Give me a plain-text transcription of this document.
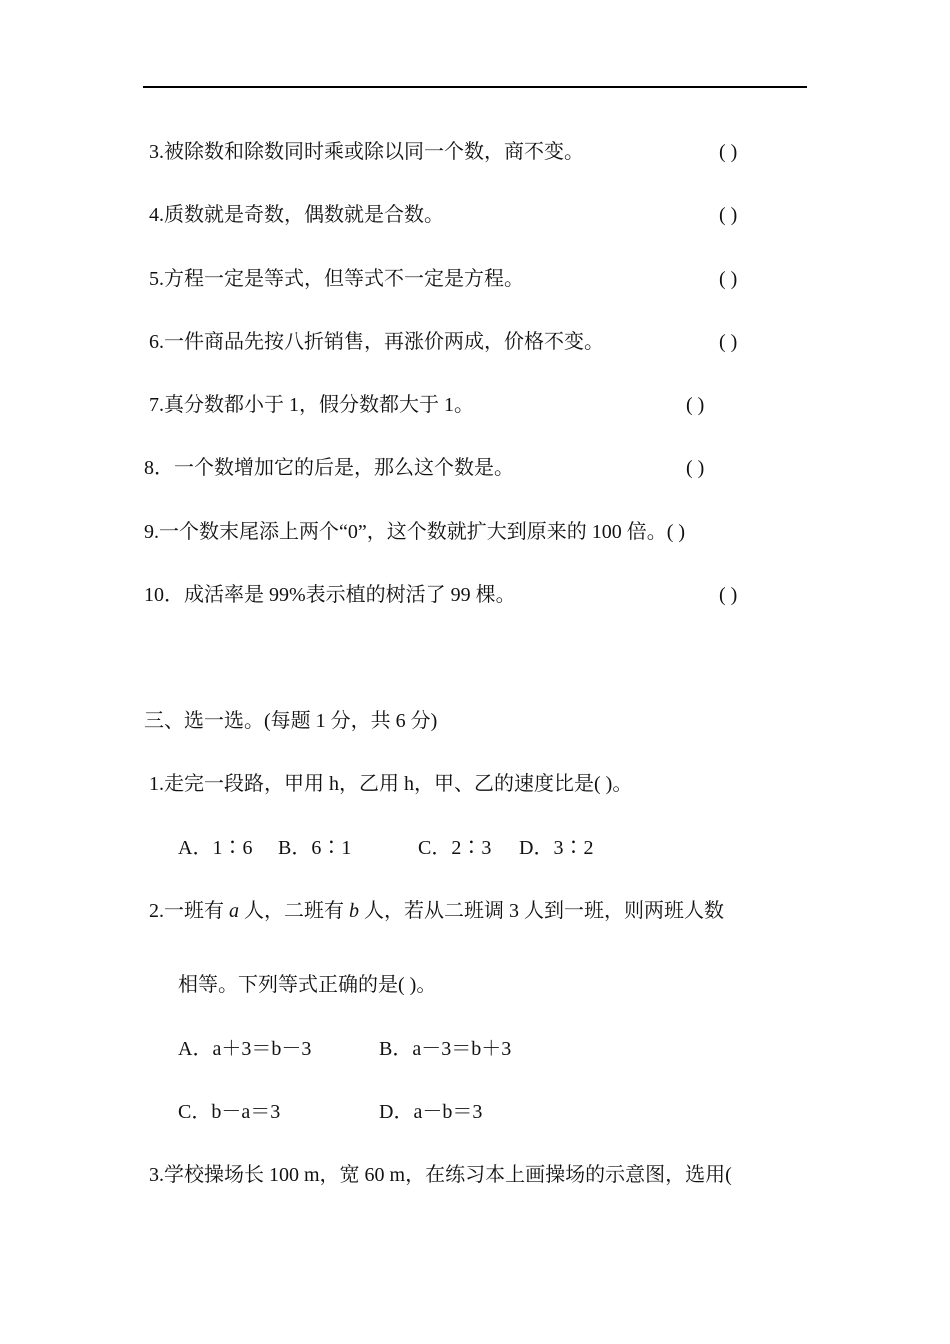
3.被除数和除数同时乘或除以同一个数，商不变。	( )
4.质数就是奇数，偶数就是合数。	( )
5.方程一定是等式，但等式不一定是方程。	( )
6.一件商品先按八折销售，再涨价两成，价格不变。	( )
7.真分数都小于 1，假分数都大于 1。	( )
8．一个数增加它的后是，那么这个数是。	( )
9.一个数末尾添上两个“0”，这个数就扩大到原来的 100 倍。( )
10．成活率是 99%表示植的树活了 99 棵。	( )
三、选一选。(每题 1 分，共 6 分)
1.走完一段路，甲用 h，乙用 h，甲、乙的速度比是( )。
A．1∶6 B．6∶1	C．2∶3 D．3∶2
2.一班有 a 人，二班有 b 人，若从二班调 3 人到一班，则两班人数
相等。下列等式正确的是( )。
A．a＋3＝b－3	B．a－3＝b＋3
C．b－a＝3	D．a－b＝3
3.学校操场长 100 m，宽 60 m，在练习本上画操场的示意图，选用(
